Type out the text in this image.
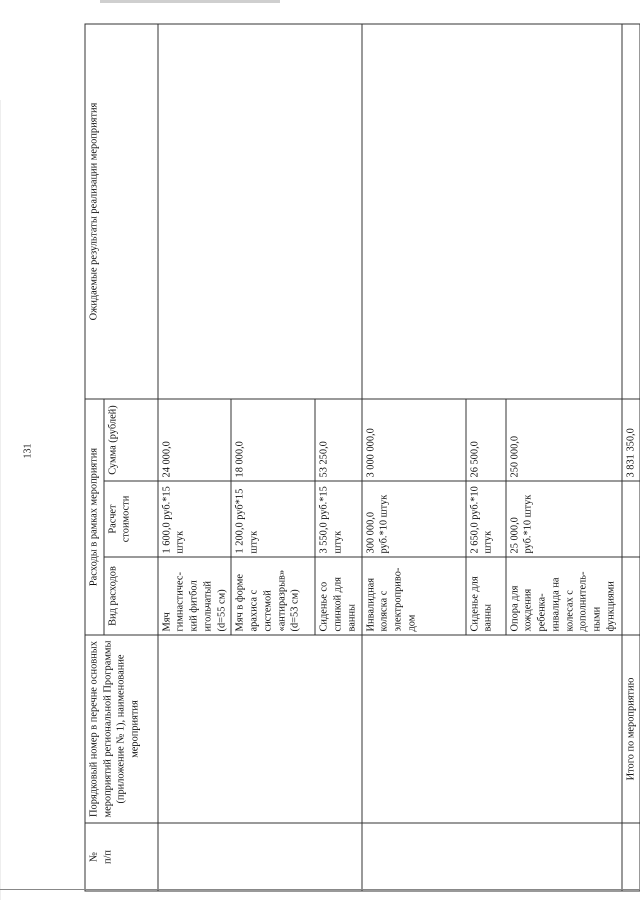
131
№
п/п	Порядковый номер в перечне основных мероприятий региональной Программы (приложение № 1), наименование мероприятия	Расходы в рамках мероприятия			Ожидаемые результаты реализации мероприятия
		Вид расходов	Расчет стоимости	Сумма (рублей)	
		Мяч гимнастичес-кий фитбол игольчатый (d=55 см)	1 600,0 руб.*15 штук	24 000,0	
		Мяч в форме арахиса с системой «антиразрыв» (d=53 см)	1 200,0 руб*15 штук	18 000,0	
		Сиденье со спинкой для ванны	3 550,0 руб.*15 штук	53 250,0	
		Инвалидная коляска с электроприво-дом	300 000,0 руб.*10 штук	3 000 000,0	
		Сиденье для ванны	2 650,0 руб.*10 штук	26 500,0	
		Опора для хождения ребенка-инвалида на колесах с дополнитель-ными функциями	25 000,0 руб.*10 штук	250 000,0	
	Итого по мероприятию			3 831 350,0	
